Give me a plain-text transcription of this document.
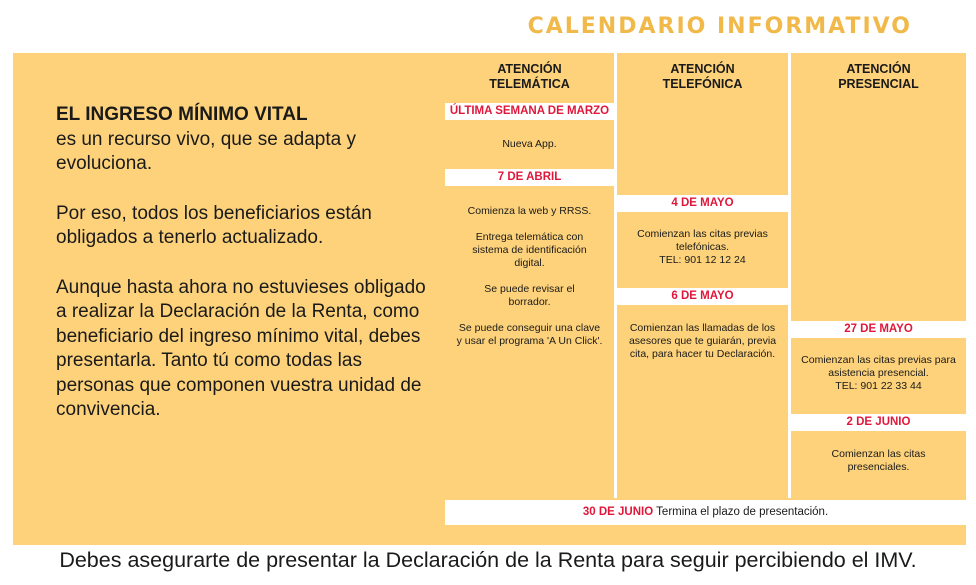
CALENDARIO INFORMATIVO

EL INGRESO MÍNIMO VITAL
es un recurso vivo, que se adapta y evoluciona.

Por eso, todos los beneficiarios están obligados a tenerlo actualizado.

Aunque hasta ahora no estuvieses obligado a realizar la Declaración de la Renta, como beneficiario del ingreso mínimo vital, debes presentarla. Tanto tú como todas las personas que componen vuestra unidad de convivencia.

ATENCIÓN
TELEMÁTICA
ATENCIÓN
TELEFÓNICA
ATENCIÓN
PRESENCIAL
ÚLTIMA SEMANA DE MARZO

Nueva App.

7 DE ABRIL

Comienza la web y RRSS.

Entrega telemática con sistema de identificación digital.

Se puede revisar el borrador.

Se puede conseguir una clave y usar el programa 'A Un Click'.

4 DE MAYO

Comienzan las citas previas telefónicas.

TEL: 901 12 12 24

6 DE MAYO

Comienzan las llamadas de los asesores que te guiarán, previa cita, para hacer tu Declaración.

27 DE MAYO

Comienzan las citas previas para asistencia presencial.

TEL: 901 22 33 44

2 DE JUNIO

Comienzan las citas presenciales.

30 DE JUNIO Termina el plazo de presentación.
Debes asegurarte de presentar la Declaración de la Renta para seguir percibiendo el IMV.
